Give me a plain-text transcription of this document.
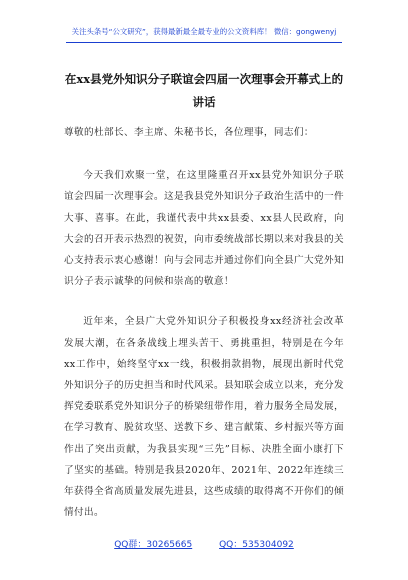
关注头条号“公文研究”，获得最新最全最专业的公文资料库！ 微信：gongwenyj
在xx县党外知识分子联谊会四届一次理事会开幕式上的讲话

尊敬的杜部长、李主席、朱秘书长，各位理事，同志们：

今天我们欢聚一堂，在这里隆重召开xx县党外知识分子联谊会四届一次理事会。这是我县党外知识分子政治生活中的一件大事、喜事。在此，我谨代表中共xx县委、xx县人民政府，向大会的召开表示热烈的祝贺，向市委统战部长期以来对我县的关心支持表示衷心感谢！向与会同志并通过你们向全县广大党外知识分子表示诚挚的问候和崇高的敬意！

近年来，全县广大党外知识分子积极投身xx经济社会改革发展大潮，在各条战线上埋头苦干、勇挑重担，特别是在今年xx工作中，始终坚守xx一线，积极捐款捐物，展现出新时代党外知识分子的历史担当和时代风采。县知联会成立以来，充分发挥党委联系党外知识分子的桥梁纽带作用，着力服务全局发展，在学习教育、脱贫攻坚、送教下乡、建言献策、乡村振兴等方面作出了突出贡献，为我县实现“三先”目标、决胜全面小康打下了坚实的基础。特别是我县2020年、2021年、2022年连续三年获得全省高质量发展先进县，这些成绩的取得离不开你们的倾情付出。

QQ群：30265665	QQ：535304092
